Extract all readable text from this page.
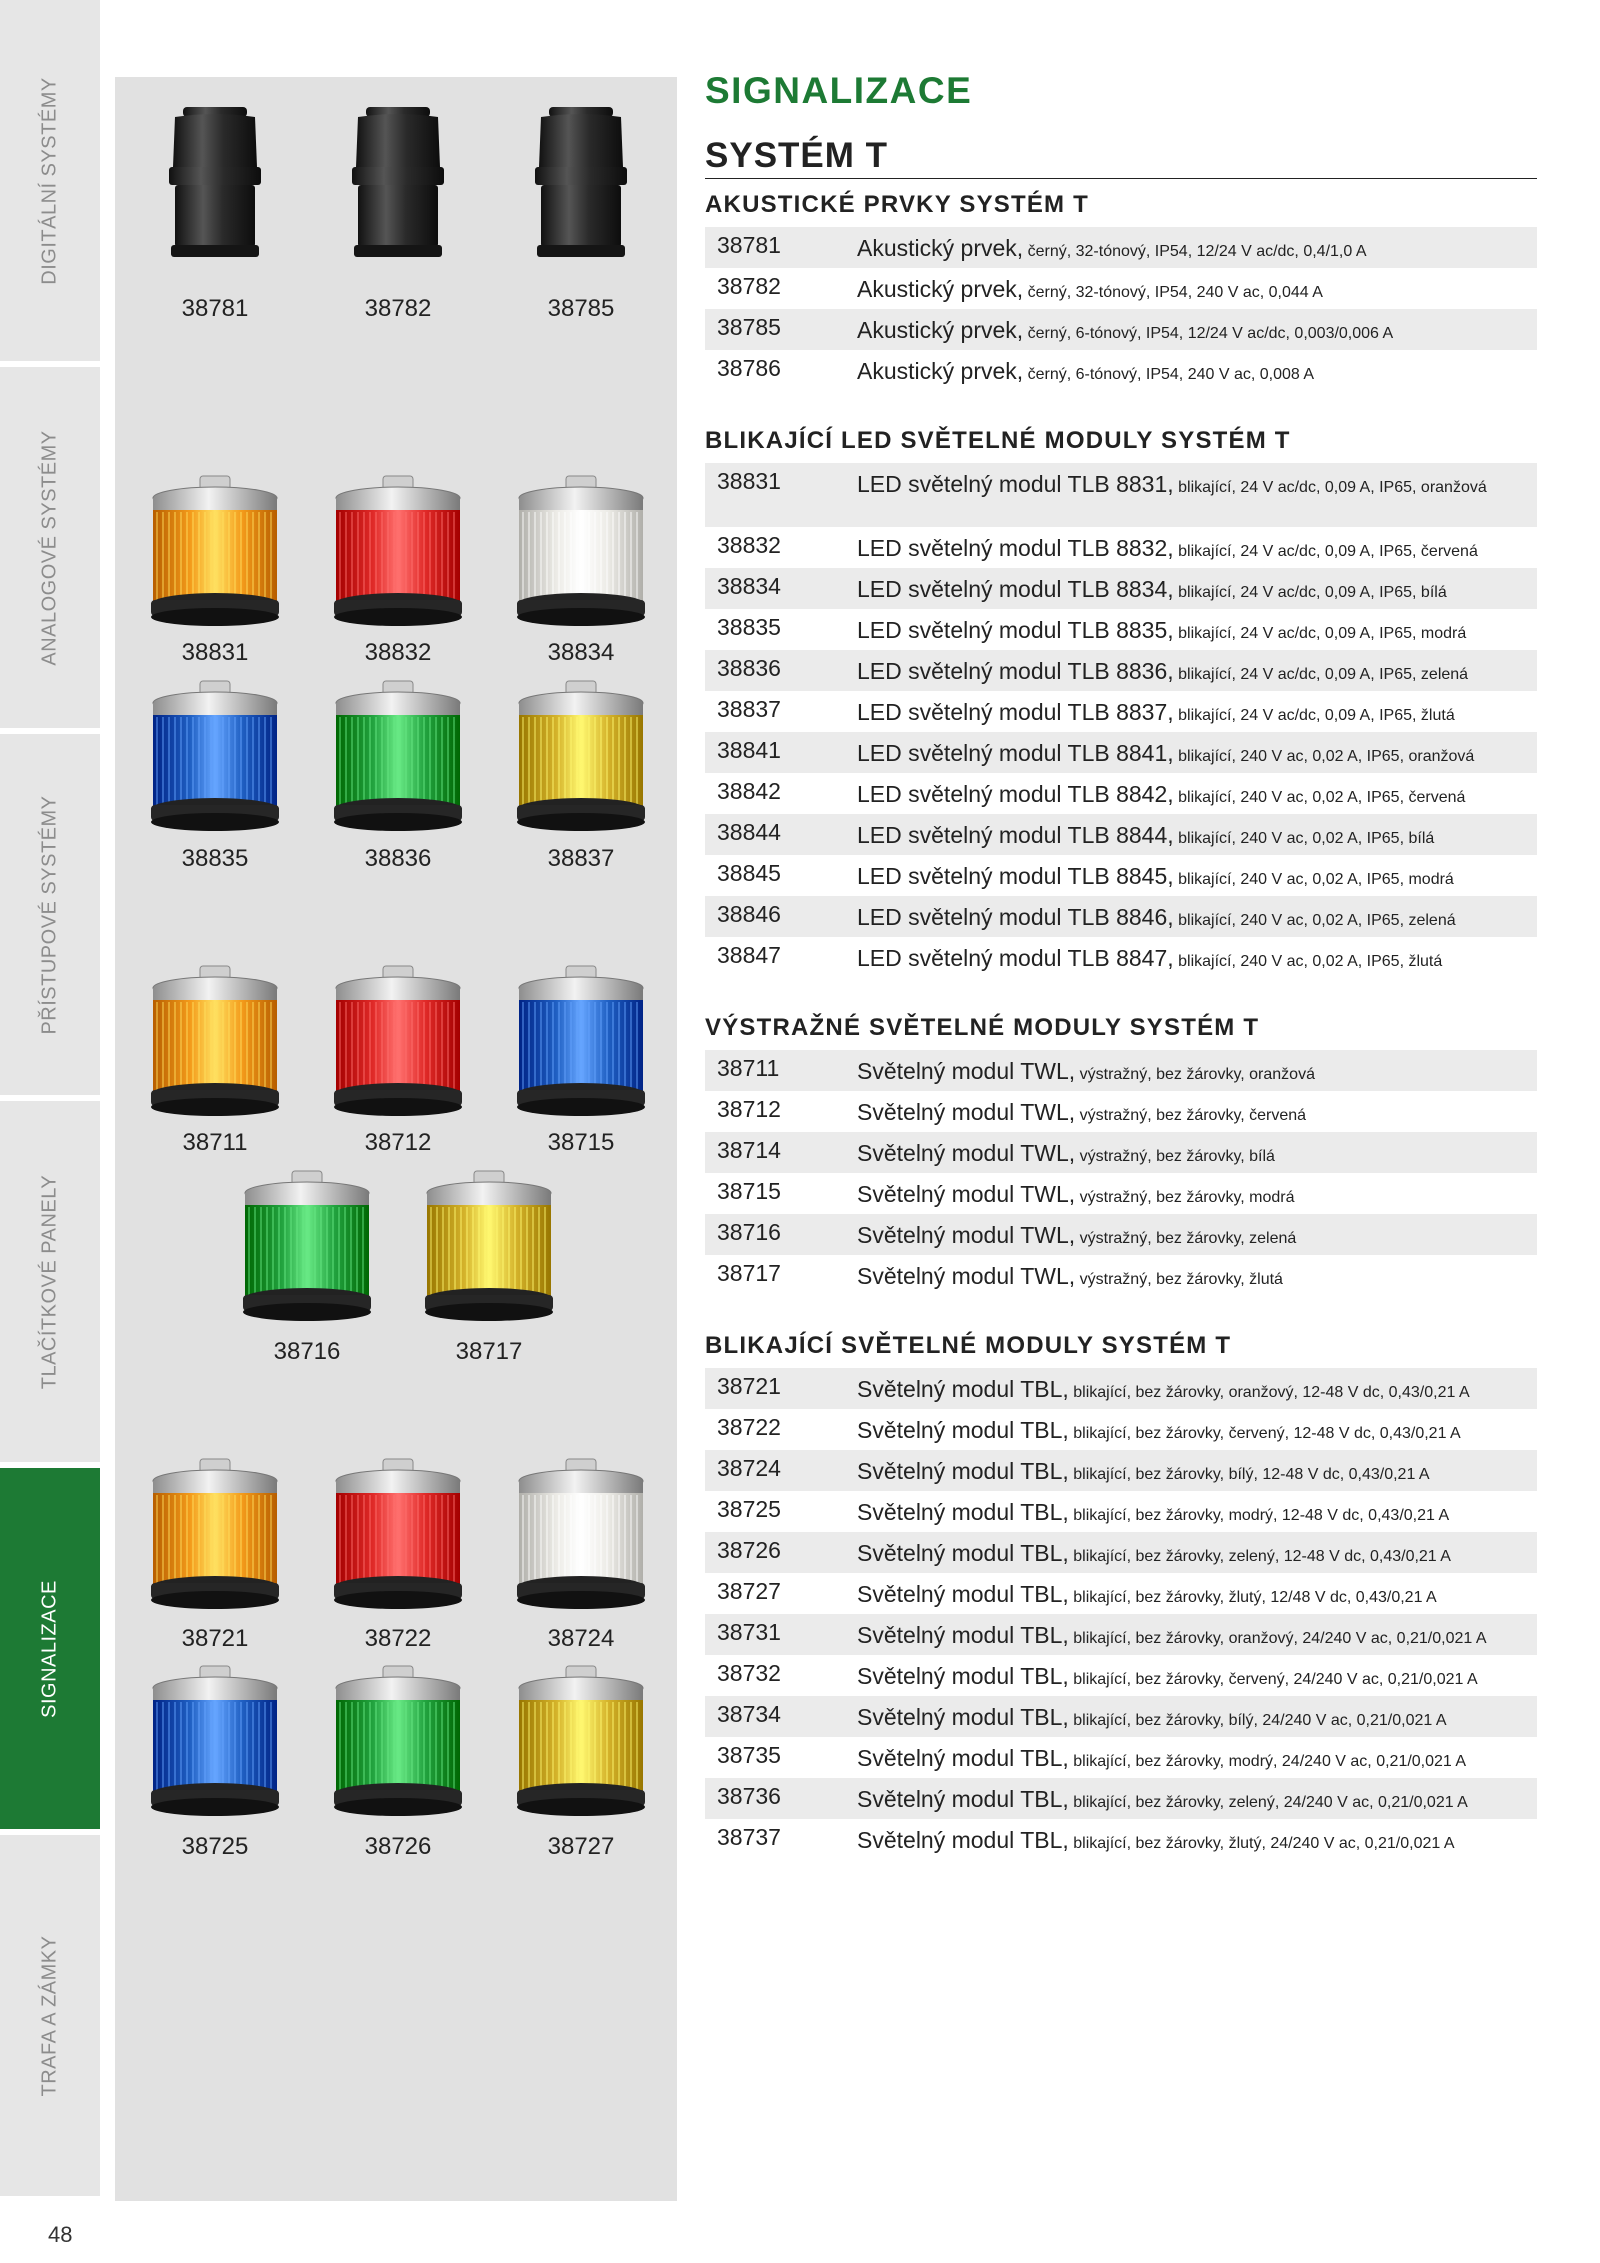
DIGITÁLNÍ SYSTÉMY
ANALOGOVÉ SYSTÉMY
PŘÍSTUPOVÉ SYSTÉMY
TLAČÍTKOVÉ PANELY
SIGNALIZACE
TRAFA A ZÁMKY
48
38781	38782	38785
38831	38832	38834
38835	38836	38837
38711	38712	38715
38716	38717
38721	38722	38724
38725	38726	38727
SIGNALIZACE
SYSTÉM T
AKUSTICKÉ PRVKY SYSTÉM T
38781	Akustický prvek, černý, 32-tónový, IP54, 12/24 V ac/dc, 0,4/1,0 A
38782	Akustický prvek, černý, 32-tónový, IP54, 240 V ac, 0,044 A
38785	Akustický prvek, černý, 6-tónový, IP54, 12/24 V ac/dc, 0,003/0,006 A
38786	Akustický prvek, černý, 6-tónový, IP54, 240 V ac, 0,008 A
BLIKAJÍCÍ LED SVĚTELNÉ MODULY SYSTÉM T
38831	LED světelný modul TLB 8831, blikající, 24 V ac/dc, 0,09 A, IP65, oranžová
38832	LED světelný modul TLB 8832, blikající, 24 V ac/dc, 0,09 A, IP65, červená
38834	LED světelný modul TLB 8834, blikající, 24 V ac/dc, 0,09 A, IP65, bílá
38835	LED světelný modul TLB 8835, blikající, 24 V ac/dc, 0,09 A, IP65, modrá
38836	LED světelný modul TLB 8836, blikající, 24 V ac/dc, 0,09 A, IP65, zelená
38837	LED světelný modul TLB 8837, blikající, 24 V ac/dc, 0,09 A, IP65, žlutá
38841	LED světelný modul TLB 8841, blikající, 240 V ac, 0,02 A, IP65, oranžová
38842	LED světelný modul TLB 8842, blikající, 240 V ac, 0,02 A, IP65, červená
38844	LED světelný modul TLB 8844, blikající, 240 V ac, 0,02 A, IP65, bílá
38845	LED světelný modul TLB 8845, blikající, 240 V ac, 0,02 A, IP65, modrá
38846	LED světelný modul TLB 8846, blikající, 240 V ac, 0,02 A, IP65, zelená
38847	LED světelný modul TLB 8847, blikající, 240 V ac, 0,02 A, IP65, žlutá
VÝSTRAŽNÉ SVĚTELNÉ MODULY SYSTÉM T
38711	Světelný modul TWL, výstražný, bez žárovky, oranžová
38712	Světelný modul TWL, výstražný, bez žárovky, červená
38714	Světelný modul TWL, výstražný, bez žárovky, bílá
38715	Světelný modul TWL, výstražný, bez žárovky, modrá
38716	Světelný modul TWL, výstražný, bez žárovky, zelená
38717	Světelný modul TWL, výstražný, bez žárovky, žlutá
BLIKAJÍCÍ SVĚTELNÉ MODULY SYSTÉM T
38721	Světelný modul TBL, blikající, bez žárovky, oranžový, 12-48 V dc, 0,43/0,21 A
38722	Světelný modul TBL, blikající, bez žárovky, červený, 12-48 V dc, 0,43/0,21 A
38724	Světelný modul TBL, blikající, bez žárovky, bílý, 12-48 V dc, 0,43/0,21 A
38725	Světelný modul TBL, blikající, bez žárovky, modrý, 12-48 V dc, 0,43/0,21 A
38726	Světelný modul TBL, blikající, bez žárovky, zelený, 12-48 V dc, 0,43/0,21 A
38727	Světelný modul TBL, blikající, bez žárovky, žlutý, 12/48 V dc, 0,43/0,21 A
38731	Světelný modul TBL, blikající, bez žárovky, oranžový, 24/240 V ac, 0,21/0,021 A
38732	Světelný modul TBL, blikající, bez žárovky, červený, 24/240 V ac, 0,21/0,021 A
38734	Světelný modul TBL, blikající, bez žárovky, bílý, 24/240 V ac, 0,21/0,021 A
38735	Světelný modul TBL, blikající, bez žárovky, modrý, 24/240 V ac, 0,21/0,021 A
38736	Světelný modul TBL, blikající, bez žárovky, zelený, 24/240 V ac, 0,21/0,021 A
38737	Světelný modul TBL, blikající, bez žárovky, žlutý, 24/240 V ac, 0,21/0,021 A
